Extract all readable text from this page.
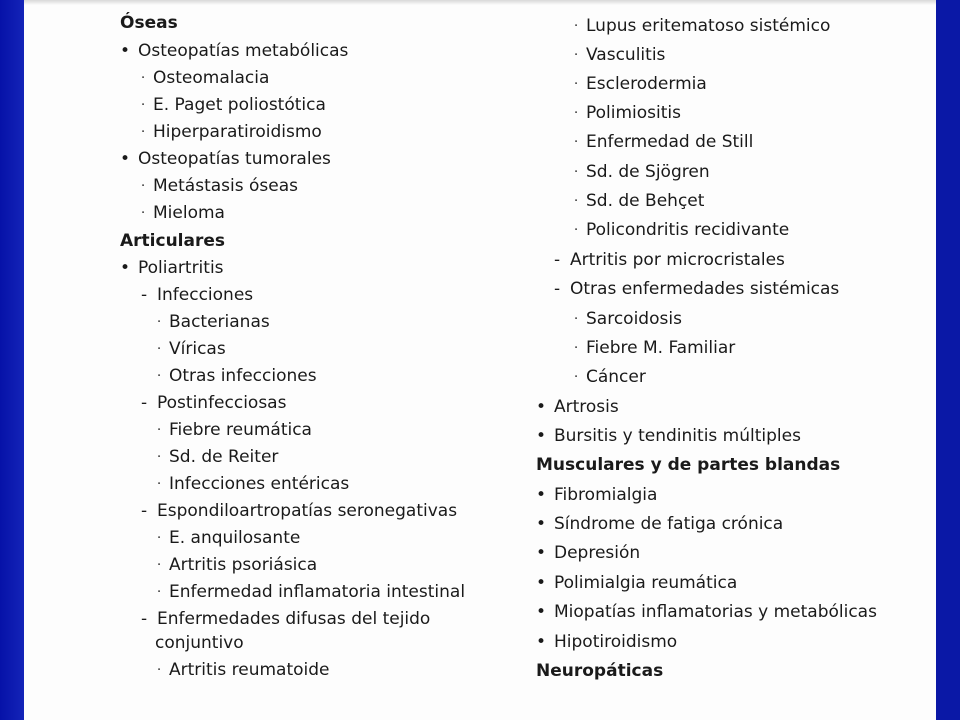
Óseas
• Osteopatías metabólicas
· Osteomalacia
· E. Paget poliostótica
· Hiperparatiroidismo
• Osteopatías tumorales
· Metástasis óseas
· Mieloma
Articulares
• Poliartritis
- Infecciones
· Bacterianas
· Víricas
· Otras infecciones
- Postinfecciosas
· Fiebre reumática
· Sd. de Reiter
· Infecciones entéricas
- Espondiloartropatías seronegativas
· E. anquilosante
· Artritis psoriásica
· Enfermedad inflamatoria intestinal
- Enfermedades difusas del tejido
conjuntivo
· Artritis reumatoide
· Lupus eritematoso sistémico
· Vasculitis
· Esclerodermia
· Polimiositis
· Enfermedad de Still
· Sd. de Sjögren
· Sd. de Behçet
· Policondritis recidivante
- Artritis por microcristales
- Otras enfermedades sistémicas
· Sarcoidosis
· Fiebre M. Familiar
· Cáncer
• Artrosis
• Bursitis y tendinitis múltiples
Musculares y de partes blandas
• Fibromialgia
• Síndrome de fatiga crónica
• Depresión
• Polimialgia reumática
• Miopatías inflamatorias y metabólicas
• Hipotiroidismo
Neuropáticas
